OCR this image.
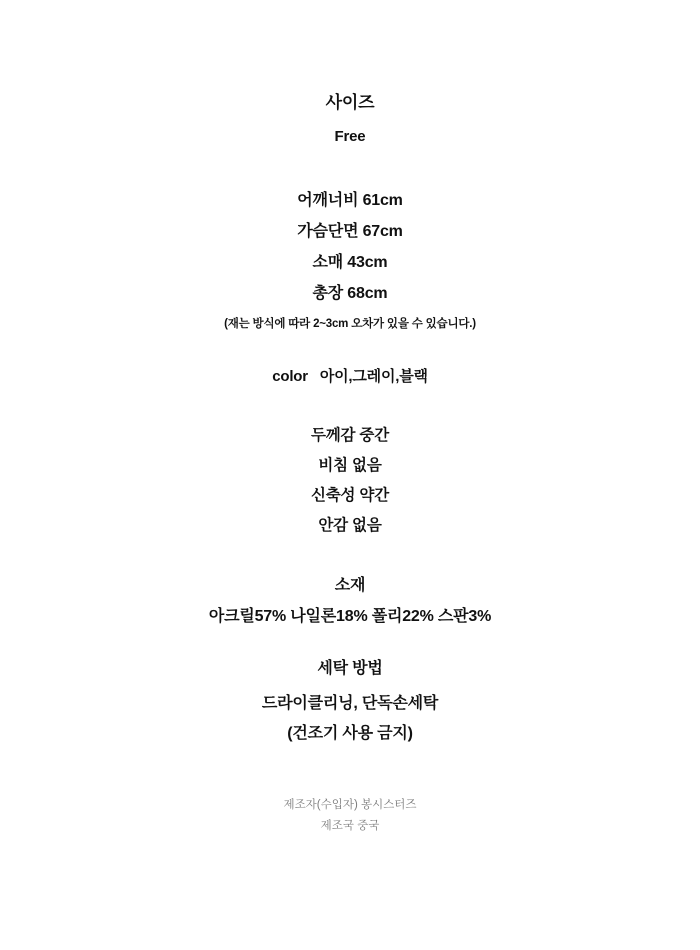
사이즈
Free
어깨너비 61cm
가슴단면 67cm
소매 43cm
총장 68cm
(재는 방식에 따라 2~3cm 오차가 있을 수 있습니다.)
color 아이,그레이,블랙
두께감 중간
비침 없음
신축성 약간
안감 없음
소재
아크릴57% 나일론18% 폴리22% 스판3%
세탁 방법
드라이클리닝, 단독손세탁
(건조기 사용 금지)
제조자(수입자) 봉시스터즈
제조국 중국
